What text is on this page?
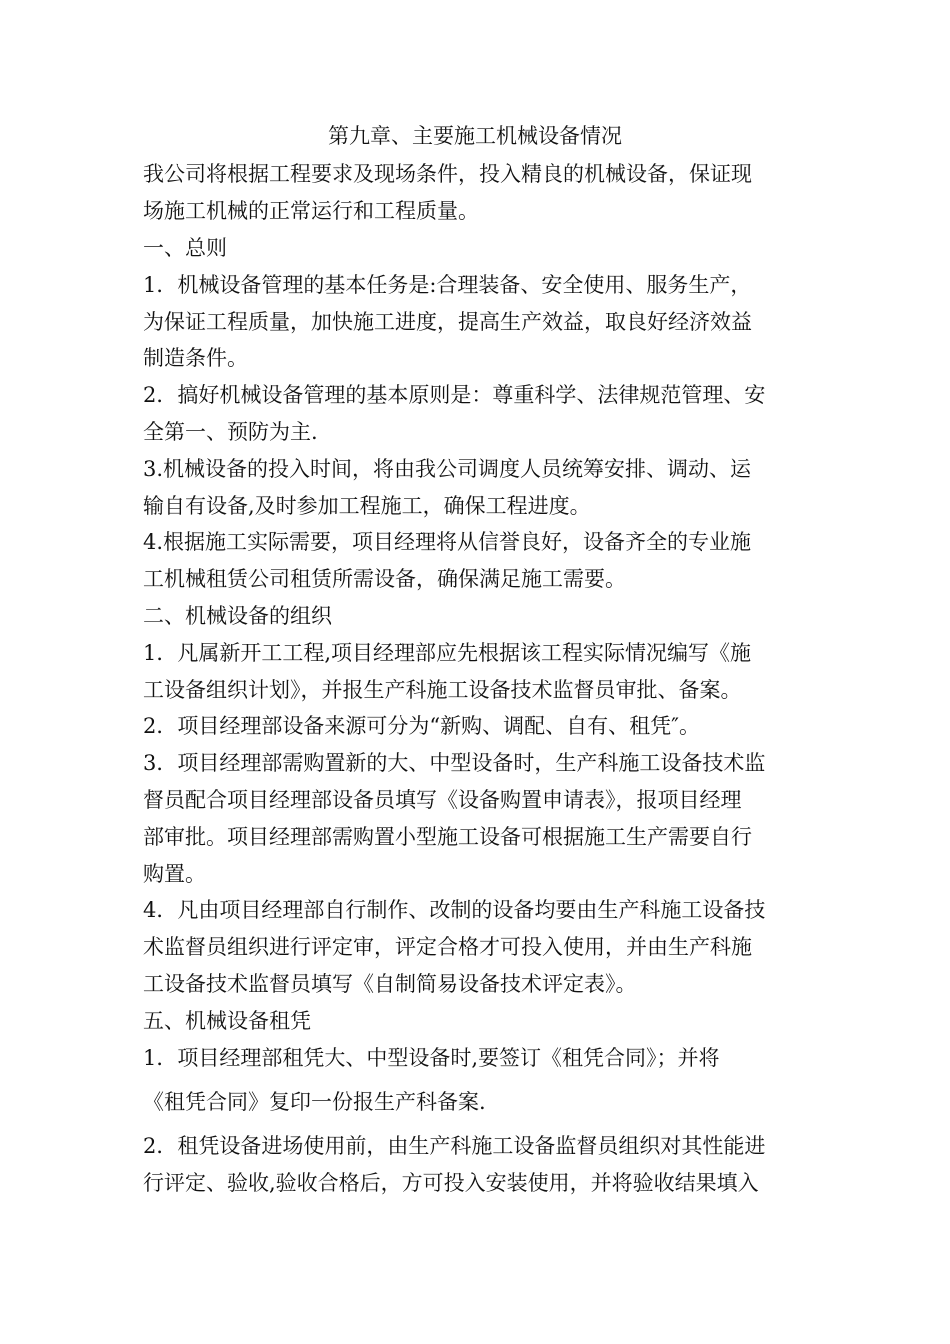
第九章、主要施工机械设备情况
我公司将根据工程要求及现场条件，投入精良的机械设备，保证现
场施工机械的正常运行和工程质量。
一、总则
1．机械设备管理的基本任务是:合理装备、安全使用、服务生产，
为保证工程质量，加快施工进度，提高生产效益，取良好经济效益
制造条件。
2．搞好机械设备管理的基本原则是：尊重科学、法律规范管理、安
全第一、预防为主.
3.机械设备的投入时间，将由我公司调度人员统筹安排、调动、运
输自有设备,及时参加工程施工，确保工程进度。
4.根据施工实际需要，项目经理将从信誉良好，设备齐全的专业施
工机械租赁公司租赁所需设备，确保满足施工需要。
二、机械设备的组织
1．凡属新开工工程,项目经理部应先根据该工程实际情况编写《施
工设备组织计划》，并报生产科施工设备技术监督员审批、备案。
2．项目经理部设备来源可分为“新购、调配、自有、租凭″。
3．项目经理部需购置新的大、中型设备时，生产科施工设备技术监
督员配合项目经理部设备员填写《设备购置申请表》，报项目经理
部审批。项目经理部需购置小型施工设备可根据施工生产需要自行
购置。
4．凡由项目经理部自行制作、改制的设备均要由生产科施工设备技
术监督员组织进行评定审，评定合格才可投入使用，并由生产科施
工设备技术监督员填写《自制简易设备技术评定表》。
五、机械设备租凭
1．项目经理部租凭大、中型设备时,要签订《租凭合同》；并将
《租凭合同》复印一份报生产科备案.
2．租凭设备进场使用前，由生产科施工设备监督员组织对其性能进
行评定、验收,验收合格后，方可投入安装使用，并将验收结果填入
